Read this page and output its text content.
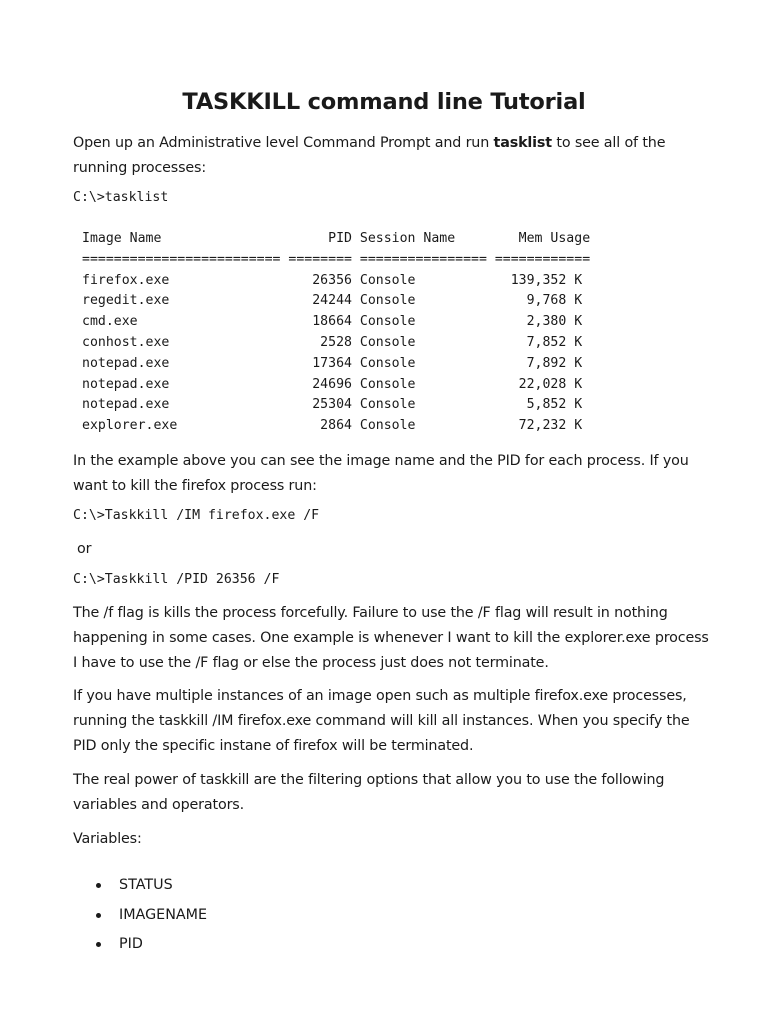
TASKKILL command line Tutorial
Open up an Administrative level Command Prompt and run tasklist to see all of the
running processes:
C:\>tasklist
Image Name                     PID Session Name        Mem Usage
========================= ======== ================ ============
firefox.exe                  26356 Console            139,352 K
regedit.exe                  24244 Console              9,768 K
cmd.exe                      18664 Console              2,380 K
conhost.exe                   2528 Console              7,852 K
notepad.exe                  17364 Console              7,892 K
notepad.exe                  24696 Console             22,028 K
notepad.exe                  25304 Console              5,852 K
explorer.exe                  2864 Console             72,232 K
In the example above you can see the image name and the PID for each process. If you
want to kill the firefox process run:
C:\>Taskkill /IM firefox.exe /F
or
C:\>Taskkill /PID 26356 /F
The /f flag is kills the process forcefully. Failure to use the /F flag will result in nothing
happening in some cases. One example is whenever I want to kill the explorer.exe process
I have to use the /F flag or else the process just does not terminate.
If you have multiple instances of an image open such as multiple firefox.exe processes,
running the taskkill /IM firefox.exe command will kill all instances. When you specify the
PID only the specific instane of firefox will be terminated.
The real power of taskkill are the filtering options that allow you to use the following
variables and operators.
Variables:
STATUS
IMAGENAME
PID
